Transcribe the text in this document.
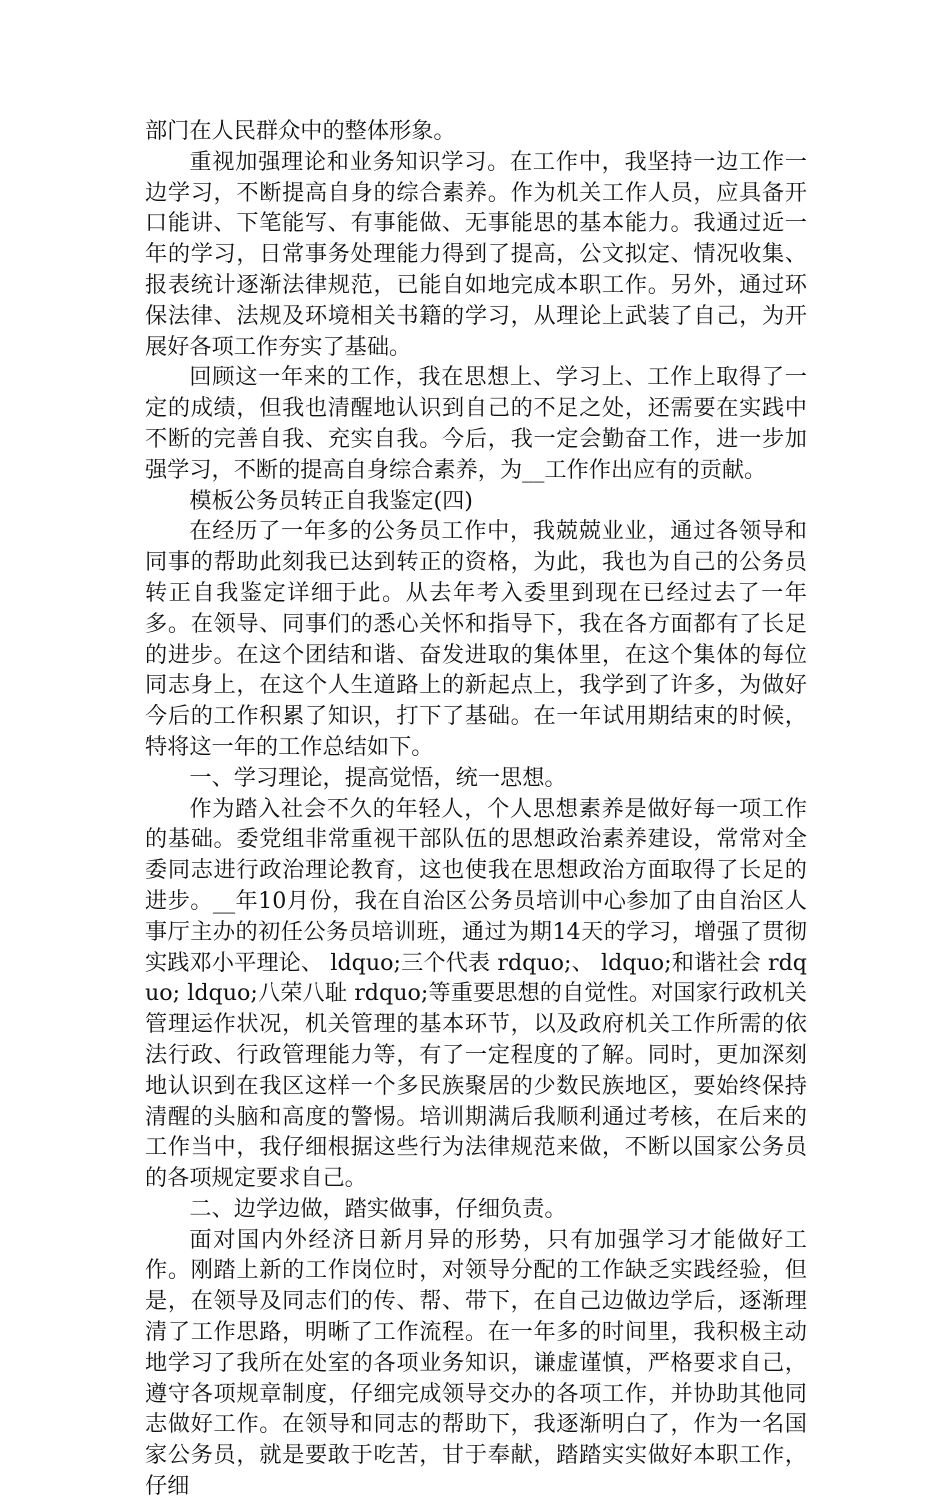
部门在人民群众中的整体形象。

重视加强理论和业务知识学习。在工作中，我坚持一边工作一边学习，不断提高自身的综合素养。作为机关工作人员，应具备开口能讲、下笔能写、有事能做、无事能思的基本能力。我通过近一年的学习，日常事务处理能力得到了提高，公文拟定、情况收集、报表统计逐渐法律规范，已能自如地完成本职工作。另外，通过环保法律、法规及环境相关书籍的学习，从理论上武装了自己，为开展好各项工作夯实了基础。

回顾这一年来的工作，我在思想上、学习上、工作上取得了一定的成绩，但我也清醒地认识到自己的不足之处，还需要在实践中不断的完善自我、充实自我。今后，我一定会勤奋工作，进一步加强学习，不断的提高自身综合素养，为__工作作出应有的贡献。

模板公务员转正自我鉴定(四)

在经历了一年多的公务员工作中，我兢兢业业，通过各领导和同事的帮助此刻我已达到转正的资格，为此，我也为自己的公务员转正自我鉴定详细于此。从去年考入委里到现在已经过去了一年多。在领导、同事们的悉心关怀和指导下，我在各方面都有了长足的进步。在这个团结和谐、奋发进取的集体里，在这个集体的每位同志身上，在这个人生道路上的新起点上，我学到了许多，为做好今后的工作积累了知识，打下了基础。在一年试用期结束的时候，特将这一年的工作总结如下。

一、学习理论，提高觉悟，统一思想。

作为踏入社会不久的年轻人，个人思想素养是做好每一项工作的基础。委党组非常重视干部队伍的思想政治素养建设，常常对全委同志进行政治理论教育，这也使我在思想政治方面取得了长足的进步。__年10月份，我在自治区公务员培训中心参加了由自治区人事厅主办的初任公务员培训班，通过为期14天的学习，增强了贯彻实践邓小平理论、 ldquo;三个代表 rdquo;、 ldquo;和谐社会 rdquo; ldquo;八荣八耻 rdquo;等重要思想的自觉性。对国家行政机关管理运作状况，机关管理的基本环节，以及政府机关工作所需的依法行政、行政管理能力等，有了一定程度的了解。同时，更加深刻地认识到在我区这样一个多民族聚居的少数民族地区，要始终保持清醒的头脑和高度的警惕。培训期满后我顺利通过考核，在后来的工作当中，我仔细根据这些行为法律规范来做，不断以国家公务员的各项规定要求自己。

二、边学边做，踏实做事，仔细负责。

面对国内外经济日新月异的形势，只有加强学习才能做好工作。刚踏上新的工作岗位时，对领导分配的工作缺乏实践经验，但是，在领导及同志们的传、帮、带下，在自己边做边学后，逐渐理清了工作思路，明晰了工作流程。在一年多的时间里，我积极主动地学习了我所在处室的各项业务知识，谦虚谨慎，严格要求自己，遵守各项规章制度，仔细完成领导交办的各项工作，并协助其他同志做好工作。在领导和同志的帮助下，我逐渐明白了，作为一名国家公务员，就是要敢于吃苦，甘于奉献，踏踏实实做好本职工作，仔细
